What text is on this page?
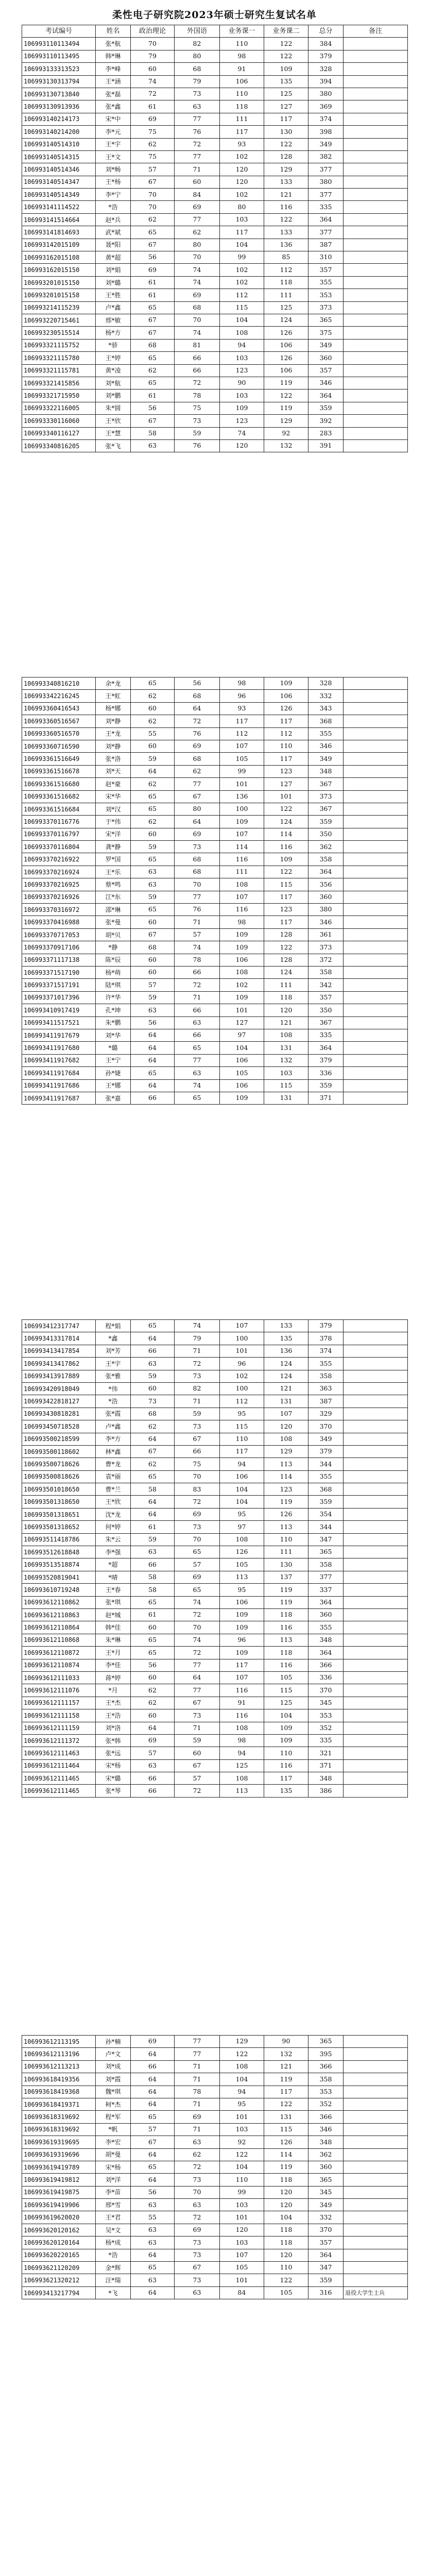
柔性电子研究院2023年硕士研究生复试名单
考试编号	姓名	政治理论	外国语	业务课一	业务课二	总分	备注
106993110113494	张*航	70	82	110	122	384	
106993110113495	韩*琳	79	80	98	122	379	
106993133313523	李*峰	60	68	91	109	328	
106993130313794	王*涵	74	79	106	135	394	
106993130713840	张*磊	72	73	110	125	380	
106993130913936	张*鑫	61	63	118	127	369	
106993140214173	宋*中	69	77	111	117	374	
106993140214200	李*元	75	76	117	130	398	
106993140514310	王*宇	62	72	93	122	349	
106993140514315	王*文	75	77	102	128	382	
106993140514346	刘*畅	57	71	120	129	377	
106993140514347	王*杨	67	60	120	133	380	
106993140514349	李*宁	70	84	102	121	377	
106993141114522	*浩	70	69	80	116	335	
106993141514664	赵*兵	62	77	103	122	364	
106993141814693	武*斌	65	62	117	133	377	
106993142015109	聂*阳	67	80	104	136	387	
106993162015108	黄*超	56	70	99	85	310	
106993162015150	刘*娟	69	74	102	112	357	
106993201015150	刘*璐	61	74	102	118	355	
106993201015158	王*胜	61	69	112	111	353	
106993214115239	卢*鑫	65	68	115	125	373	
106993220715461	邢*敏	67	70	104	124	365	
106993230515514	杨*方	67	74	108	126	375	
106993321115752	*骄	68	81	94	106	349	
106993321115780	王*婷	65	66	103	126	360	
106993321115781	黄*凌	62	66	123	106	357	
106993321415856	刘*航	65	72	90	119	346	
106993321715950	刘*鹏	61	78	103	122	364	
106993322116005	朱*圆	56	75	109	119	359	
106993330116060	王*欣	67	73	123	129	392	
106993340116127	王*慧	58	59	74	92	283	
106993340816205	张*飞	63	76	120	132	391	
106993340816210	余*龙	65	56	98	109	328	
106993342216245	王*虹	62	68	96	106	332	
106993360416543	杨*娜	60	64	93	126	343	
106993360516567	刘*静	62	72	117	117	368	
106993360516570	王*龙	55	76	112	112	355	
106993360716590	刘*静	60	69	107	110	346	
106993361516649	张*洛	59	68	105	117	349	
106993361516678	刘*天	64	62	99	123	348	
106993361516680	赵*豪	62	77	101	127	367	
106993361516682	宋*华	65	67	136	101	373	
106993361516684	刘*汉	65	80	100	122	367	
106993370116776	于*伟	62	64	109	124	359	
106993370116797	宋*洋	60	69	107	114	350	
106993370116804	龚*静	59	73	114	116	362	
106993370216922	罗*国	65	68	116	109	358	
106993370216924	王*乐	63	68	111	122	364	
106993370216925	蔡*鸣	63	70	108	115	356	
106993370216926	江*东	59	77	107	117	360	
106993370316972	邵*琳	65	76	116	123	380	
106993370416988	张*曼	60	71	98	117	346	
106993370717053	胡*贝	67	57	109	128	361	
106993370917106	*静	68	74	109	122	373	
106993371117138	陈*辰	60	78	106	128	372	
106993371517190	杨*萌	60	66	108	124	358	
106993371517191	陆*琪	57	72	102	111	342	
106993371017396	许*华	59	71	109	118	357	
106993410917419	孔*坤	63	66	101	120	350	
106993411517521	朱*鹏	56	63	127	121	367	
106993411917679	刘*华	64	66	97	108	335	
106993411917680	*璐	64	65	104	131	364	
106993411917682	王*宁	64	77	106	132	379	
106993411917684	孙*婕	65	63	105	103	336	
106993411917686	王*娜	64	74	106	115	359	
106993411917687	张*嘉	66	65	109	131	371	
106993412317747	程*娟	65	74	107	133	379	
106993413317814	*鑫	64	79	100	135	378	
106993413417854	刘*芳	66	71	101	136	374	
106993413417862	王*宇	63	72	96	124	355	
106993413917889	张*雅	59	73	102	124	358	
106993420918049	*伟	60	82	100	121	363	
106993422818127	*浩	73	71	112	131	387	
106993430818281	张*霞	68	59	95	107	329	
106993450718528	卢*鑫	62	73	115	120	370	
106993500218599	李*方	64	67	110	108	349	
106993500118602	林*鑫	67	66	117	129	379	
106993500718626	曹*龙	62	75	94	113	344	
106993500818626	袁*丽	65	70	106	114	355	
106993501018650	曹*兰	58	83	104	123	368	
106993501318650	王*欣	64	72	104	119	359	
106993501318651	沈*龙	64	69	95	126	354	
106993501318652	何*婷	61	73	97	113	344	
106993511418786	朱*云	59	70	108	110	347	
106993512618848	李*强	63	65	126	111	365	
106993513518874	*超	66	57	105	130	358	
106993520819041	*晴	58	69	113	137	377	
106993610719248	王*春	58	65	95	119	337	
106993612110862	张*琪	65	74	106	119	364	
106993612110863	赵*城	61	72	109	118	360	
106993612110864	韩*佳	60	70	109	116	355	
106993612110868	朱*琳	65	74	96	113	348	
106993612110872	王*月	65	72	109	118	364	
106993612110874	李*佳	56	77	117	116	366	
106993612111033	蒋*婷	60	64	107	105	336	
106993612111076	*月	62	77	116	115	370	
106993612111157	王*杰	62	67	91	125	345	
106993612111158	王*浩	60	73	116	104	353	
106993612111159	刘*洛	64	71	108	109	352	
106993612111372	张*韩	69	59	98	109	335	
106993612111463	张*远	57	60	94	110	321	
106993612111464	宋*杨	63	67	125	116	371	
106993612111465	宋*璐	66	57	108	117	348	
106993612111465	张*琴	66	72	113	135	386	
106993612113195	孙*楠	69	77	129	90	365	
106993612113196	卢*文	64	77	122	132	395	
106993612113213	刘*成	66	71	108	121	366	
106993618419356	刘*霞	64	71	104	119	358	
106993618419368	魏*琪	64	78	94	117	353	
106993618419371	柯*杰	64	71	95	122	352	
106993618319692	程*军	65	69	101	131	366	
106993618319692	*帆	57	71	103	115	346	
106993619319695	李*宏	67	63	92	126	348	
106993619319696	胡*曼	64	62	122	114	362	
106993619419789	宋*杨	65	72	104	119	360	
106993619419812	刘*洋	64	73	110	118	365	
106993619419875	李*苗	56	70	99	120	345	
106993619419906	邢*雪	63	63	103	120	349	
106993619620020	王*君	55	72	101	104	332	
106993620120162	吴*文	63	69	120	118	370	
106993620120164	杨*成	63	73	103	118	357	
106993620220165	*浩	64	73	107	120	364	
106993621120209	金*辉	65	67	105	110	347	
106993621320212	汪*瑞	63	73	101	122	359	
106993413217794	*飞	64	63	84	105	316	退役大学生士兵
